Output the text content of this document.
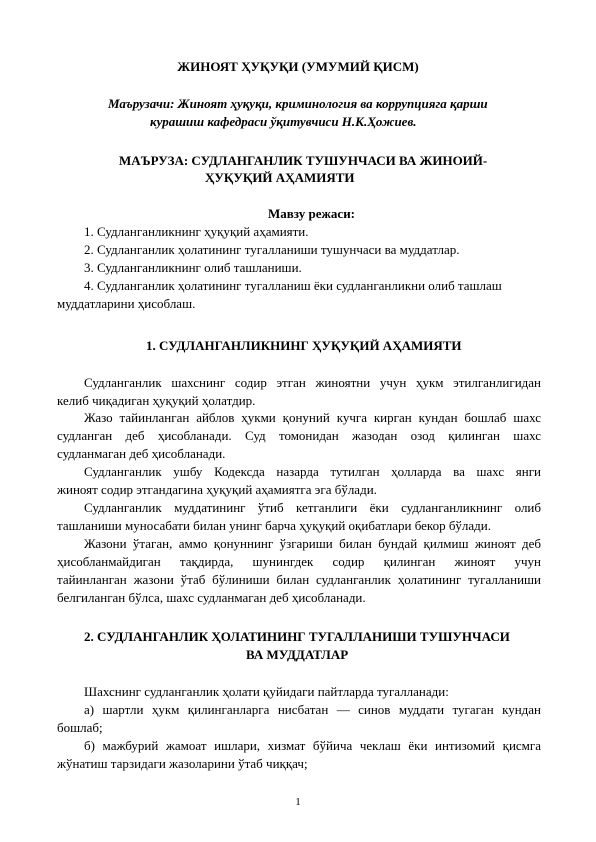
ЖИНОЯТ ҲУҚУҚИ (УМУМИЙ ҚИСМ)
Маърузачи: Жиноят ҳуқуқи, криминология ва коррупцияга қарши
курашиш кафедраси ўқитувчиси Н.К.Ҳожиев.
МАЪРУЗА: СУДЛАНГАНЛИК ТУШУНЧАСИ ВА ЖИНОИЙ-
ҲУҚУҚИЙ АҲАМИЯТИ
Мавзу режаси:
1. Судланганликнинг ҳуқуқий аҳамияти.
2. Судланганлик ҳолатининг тугалланиши тушунчаси ва муддатлар.
3. Судланганликнинг олиб ташланиши.
4. Судланганлик ҳолатининг тугалланиш ёки судланганликни олиб ташлаш
муддатларини ҳисоблаш.
1. СУДЛАНГАНЛИКНИНГ ҲУҚУҚИЙ АҲАМИЯТИ
Судланганлик шахснинг содир этган жиноятни учун ҳукм этилганлигидан
келиб чиқадиган ҳуқуқий ҳолатдир.
Жазо тайинланган айблов ҳукми қонуний кучга кирган кундан бошлаб шахс
судланган деб ҳисобланади. Суд томонидан жазодан озод қилинган шахс
судланмаган деб ҳисобланади.
Судланганлик ушбу Кодексда назарда тутилган ҳолларда ва шахс янги
жиноят содир этгандагина ҳуқуқий аҳамиятга эга бўлади.
Судланганлик муддатининг ўтиб кетганлиги ёки судланганликнинг олиб
ташланиши муносабати билан унинг барча ҳуқуқий оқибатлари бекор бўлади.
Жазони ўтаган, аммо қонуннинг ўзгариши билан бундай қилмиш жиноят деб
ҳисобланмайдиган тақдирда, шунингдек содир қилинган жиноят учун
тайинланган жазони ўтаб бўлиниши билан судланганлик ҳолатининг тугалланиши
белгиланган бўлса, шахс судланмаган деб ҳисобланади.
2. СУДЛАНГАНЛИК ҲОЛАТИНИНГ ТУГАЛЛАНИШИ ТУШУНЧАСИ
ВА МУДДАТЛАР
Шахснинг судланганлик ҳолати қуйидаги пайтларда тугалланади:
а) шартли ҳукм қилинганларга нисбатан — синов муддати тугаган кундан
бошлаб;
б) мажбурий жамоат ишлари, хизмат бўйича чеклаш ёки интизомий қисмга
жўнатиш тарзидаги жазоларини ўтаб чиққач;
1
